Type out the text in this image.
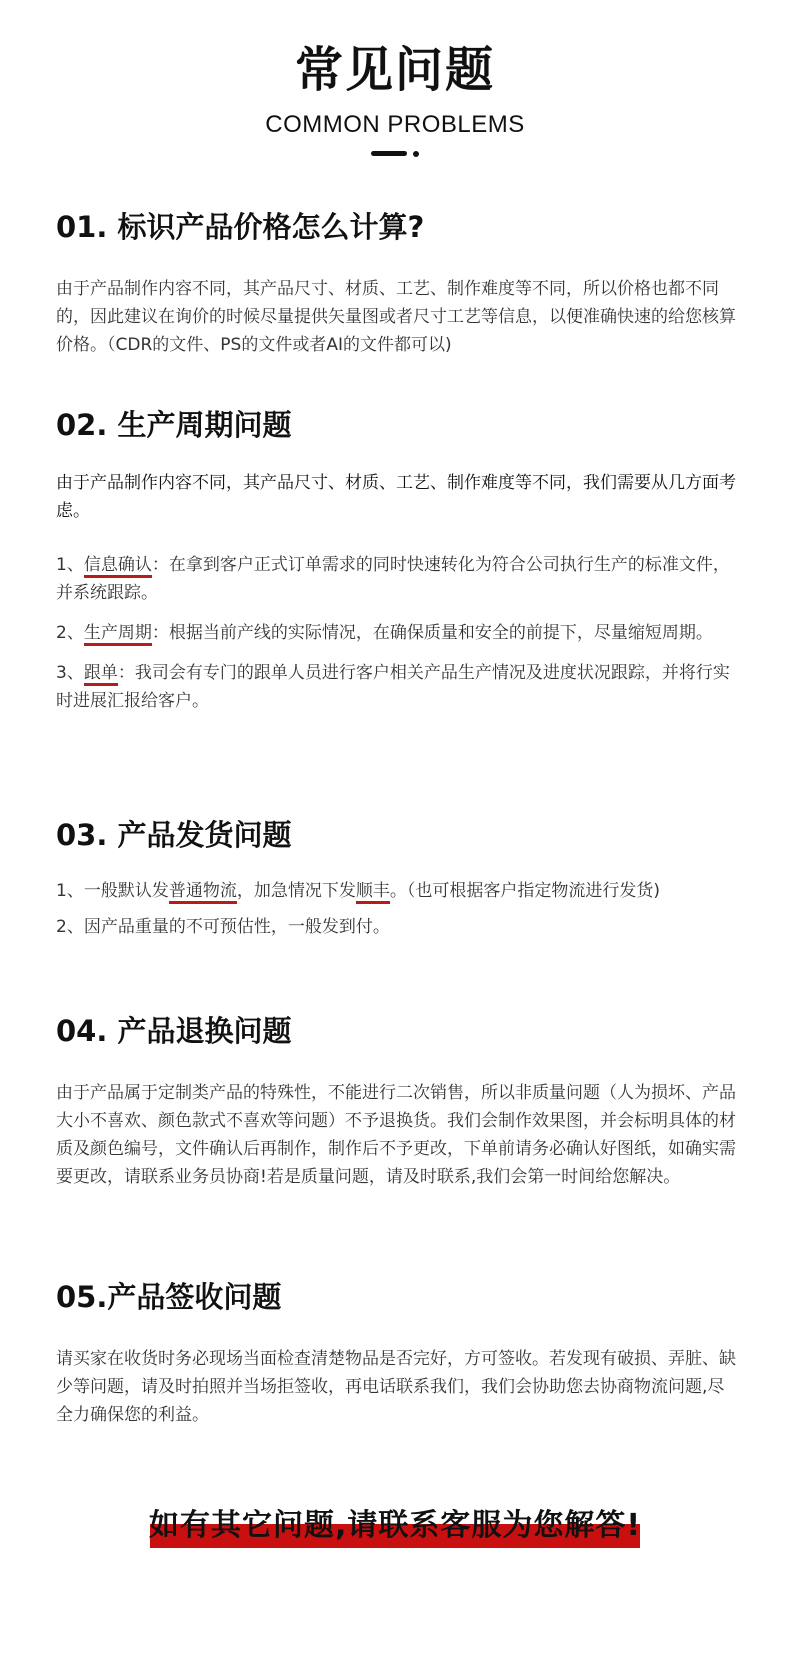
常见问题
COMMON PROBLEMS
01. 标识产品价格怎么计算?

由于产品制作内容不同，其产品尺寸、材质、工艺、制作难度等不同，所以价格也都不同的，因此建议在询价的时候尽量提供矢量图或者尺寸工艺等信息，以便准确快速的给您核算价格。（CDR的文件、PS的文件或者AI的文件都可以)

02. 生产周期问题

由于产品制作内容不同，其产品尺寸、材质、工艺、制作难度等不同，我们需要从几方面考虑。

1、信息确认：在拿到客户正式订单需求的同时快速转化为符合公司执行生产的标准文件，并系统跟踪。

2、生产周期：根据当前产线的实际情况，在确保质量和安全的前提下，尽量缩短周期。

3、跟单：我司会有专门的跟单人员进行客户相关产品生产情况及进度状况跟踪，并将行实时进展汇报给客户。

03. 产品发货问题

1、一般默认发普通物流，加急情况下发顺丰。（也可根据客户指定物流进行发货)

2、因产品重量的不可预估性，一般发到付。

04. 产品退换问题

由于产品属于定制类产品的特殊性，不能进行二次销售，所以非质量问题（人为损坏、产品大小不喜欢、颜色款式不喜欢等问题）不予退换货。我们会制作效果图，并会标明具体的材质及颜色编号，文件确认后再制作，制作后不予更改，下单前请务必确认好图纸，如确实需要更改，请联系业务员协商!若是质量问题，请及时联系,我们会第一时间给您解决。

05.产品签收问题

请买家在收货时务必现场当面检查清楚物品是否完好，方可签收。若发现有破损、弄脏、缺少等问题，请及时拍照并当场拒签收，再电话联系我们，我们会协助您去协商物流问题,尽全力确保您的利益。

如有其它问题,请联系客服为您解答!
